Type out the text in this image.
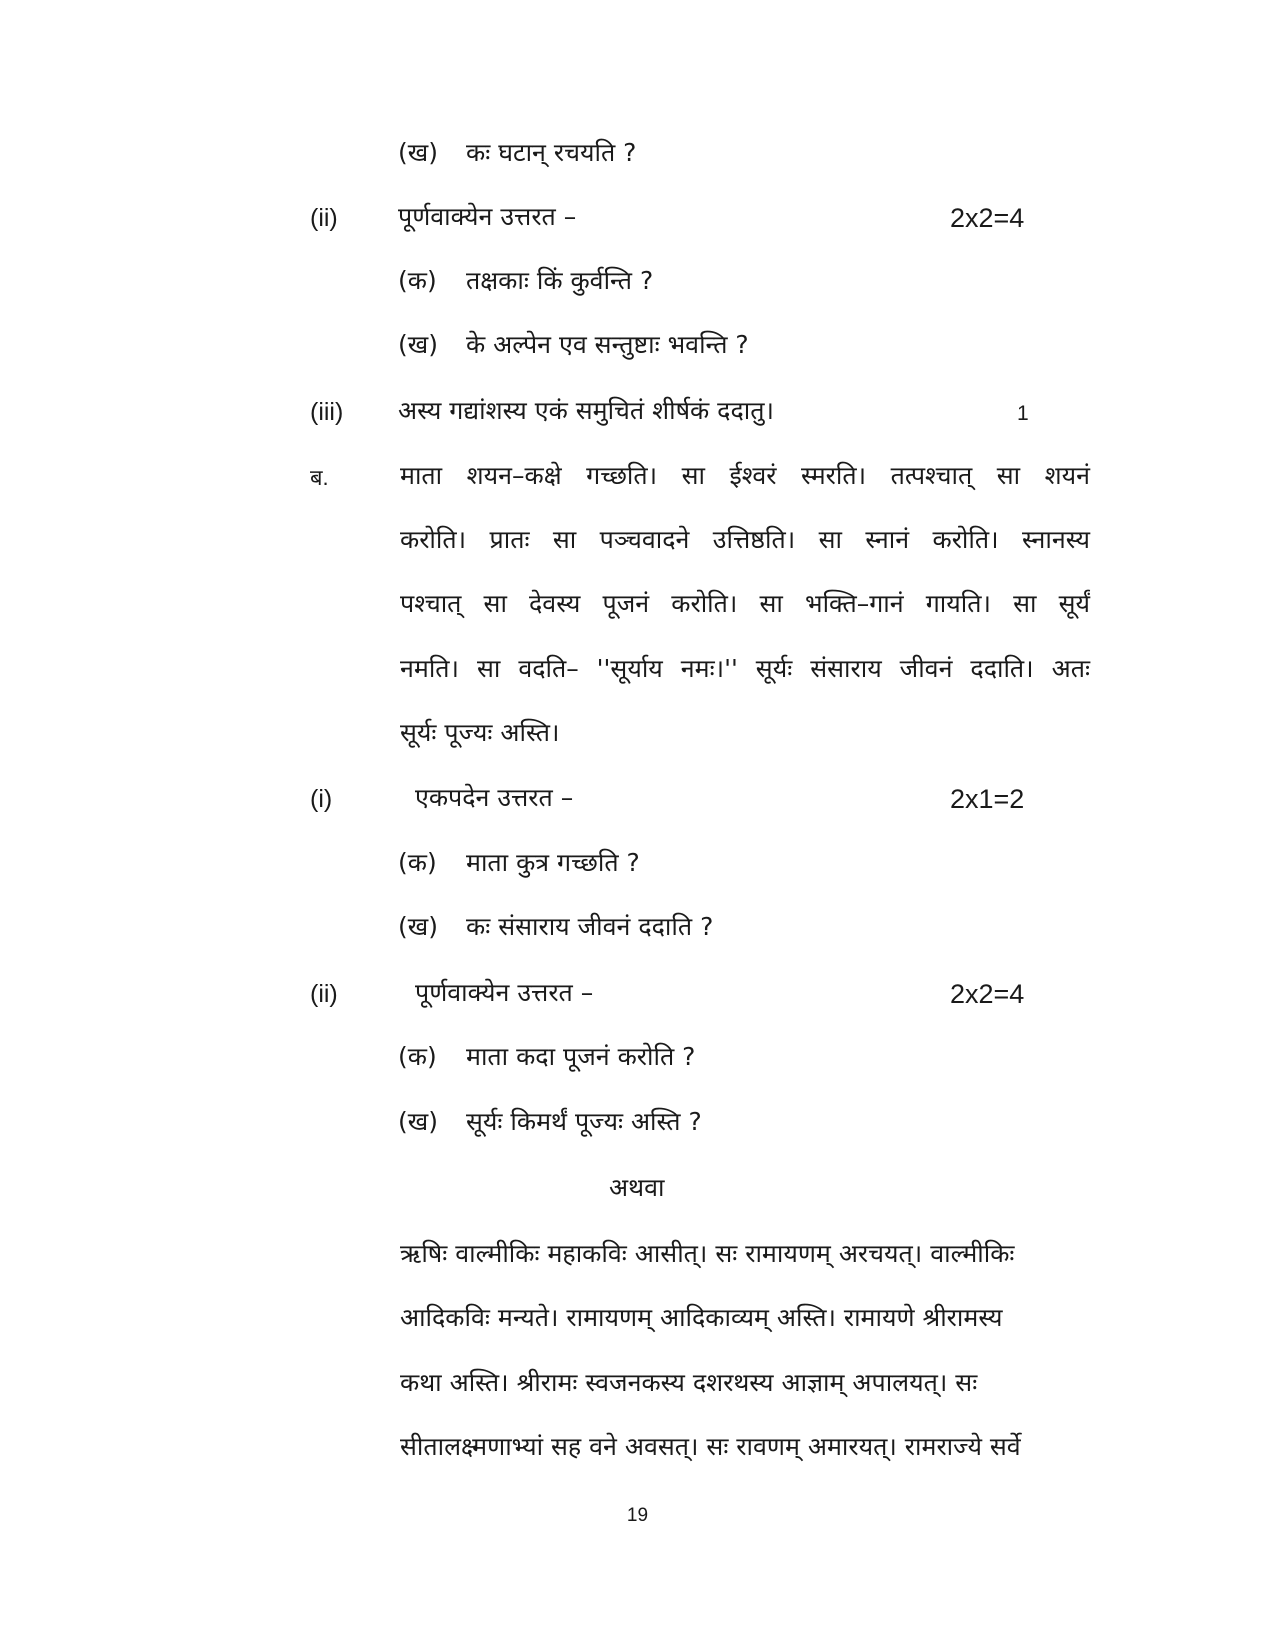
(ख) कः घटान् रचयति ?
(ii) पूर्णवाक्येन उत्तरत –	2x2=4
(क) तक्षकाः किं कुर्वन्ति ?
(ख) के अल्पेन एव सन्तुष्टाः भवन्ति ?
(iii) अस्य गद्यांशस्य एकं समुचितं शीर्षकं ददातु।	1
ब.	माता शयन–कक्षे गच्छति। सा ईश्वरं स्मरति। तत्पश्चात् सा शयनं
करोति। प्रातः सा पञ्चवादने उत्तिष्ठति। सा स्नानं करोति। स्नानस्य
पश्चात् सा देवस्य पूजनं करोति। सा भक्ति–गानं गायति। सा सूर्यं
नमति। सा वदति– ''सूर्याय नमः।'' सूर्यः संसाराय जीवनं ददाति। अतः
सूर्यः पूज्यः अस्ति।
(i)	एकपदेन उत्तरत –	2x1=2
(क) माता कुत्र गच्छति ?
(ख) कः संसाराय जीवनं ददाति ?
(ii)	पूर्णवाक्येन उत्तरत –	2x2=4
(क) माता कदा पूजनं करोति ?
(ख) सूर्यः किमर्थं पूज्यः अस्ति ?
अथवा
ऋषिः वाल्मीकिः महाकविः आसीत्। सः रामायणम् अरचयत्। वाल्मीकिः
आदिकविः मन्यते। रामायणम् आदिकाव्यम् अस्ति। रामायणे श्रीरामस्य
कथा अस्ति। श्रीरामः स्वजनकस्य दशरथस्य आज्ञाम् अपालयत्। सः
सीतालक्ष्मणाभ्यां सह वने अवसत्। सः रावणम् अमारयत्। रामराज्ये सर्वे
19
